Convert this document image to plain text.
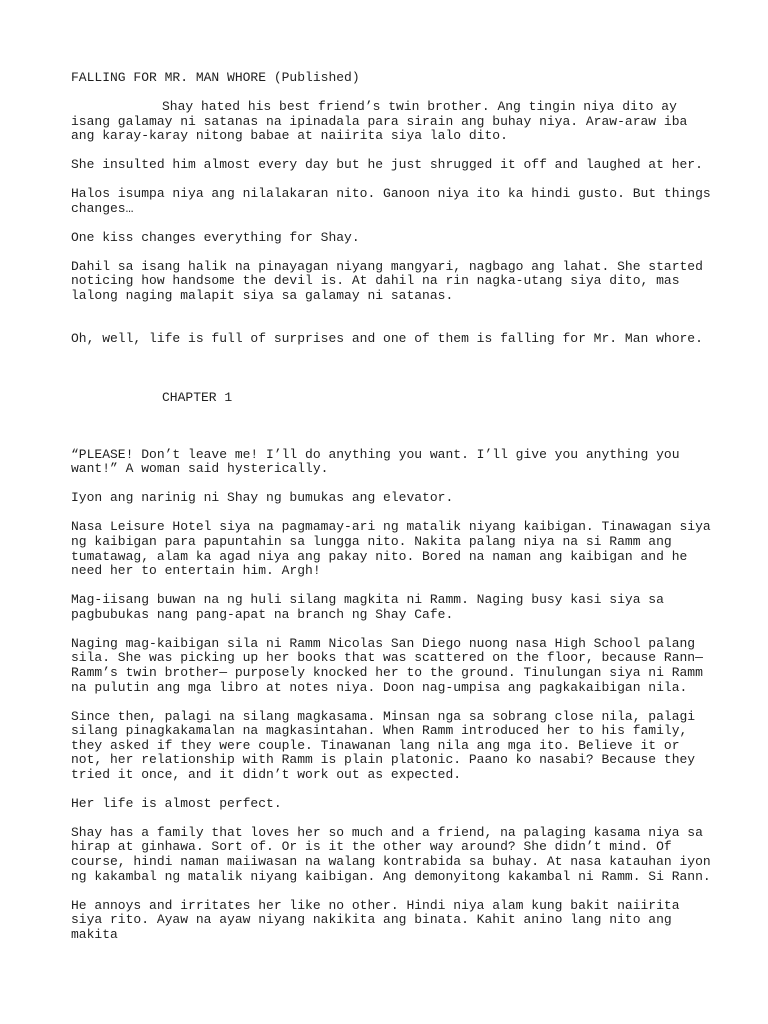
FALLING FOR MR. MAN WHORE (Published)

Shay hated his best friend’s twin brother. Ang tingin niya dito ay isang galamay ni satanas na ipinadala para sirain ang buhay niya. Araw-araw iba ang karay-karay nitong babae at naiirita siya lalo dito.

She insulted him almost every day but he just shrugged it off and laughed at her.

Halos isumpa niya ang nilalakaran nito. Ganoon niya ito ka hindi gusto. But things changes…

One kiss changes everything for Shay.

Dahil sa isang halik na pinayagan niyang mangyari, nagbago ang lahat. She started noticing how handsome the devil is. At dahil na rin nagka-utang siya dito, mas lalong naging malapit siya sa galamay ni satanas.

Oh, well, life is full of surprises and one of them is falling for Mr. Man whore.

CHAPTER 1

“PLEASE! Don’t leave me! I’ll do anything you want. I’ll give you anything you want!” A woman said hysterically.

Iyon ang narinig ni Shay ng bumukas ang elevator.

Nasa Leisure Hotel siya na pagmamay-ari ng matalik niyang kaibigan. Tinawagan siya ng kaibigan para papuntahin sa lungga nito. Nakita palang niya na si Ramm ang tumatawag, alam ka agad niya ang pakay nito. Bored na naman ang kaibigan and he need her to entertain him. Argh!

Mag-iisang buwan na ng huli silang magkita ni Ramm. Naging busy kasi siya sa pagbubukas nang pang-apat na branch ng Shay Cafe.

Naging mag-kaibigan sila ni Ramm Nicolas San Diego nuong nasa High School palang sila. She was picking up her books that was scattered on the floor, because Rann— Ramm’s twin brother— purposely knocked her to the ground. Tinulungan siya ni Ramm na pulutin ang mga libro at notes niya. Doon nag-umpisa ang pagkakaibigan nila.

Since then, palagi na silang magkasama. Minsan nga sa sobrang close nila, palagi silang pinagkakamalan na magkasintahan. When Ramm introduced her to his family, they asked if they were couple. Tinawanan lang nila ang mga ito. Believe it or not, her relationship with Ramm is plain platonic. Paano ko nasabi? Because they tried it once, and it didn’t work out as expected.

Her life is almost perfect.

Shay has a family that loves her so much and a friend, na palaging kasama niya sa hirap at ginhawa. Sort of. Or is it the other way around? She didn’t mind. Of course, hindi naman maiiwasan na walang kontrabida sa buhay. At nasa katauhan iyon ng kakambal ng matalik niyang kaibigan. Ang demonyitong kakambal ni Ramm. Si Rann.

He annoys and irritates her like no other. Hindi niya alam kung bakit naiirita siya rito. Ayaw na ayaw niyang nakikita ang binata. Kahit anino lang nito ang makita
